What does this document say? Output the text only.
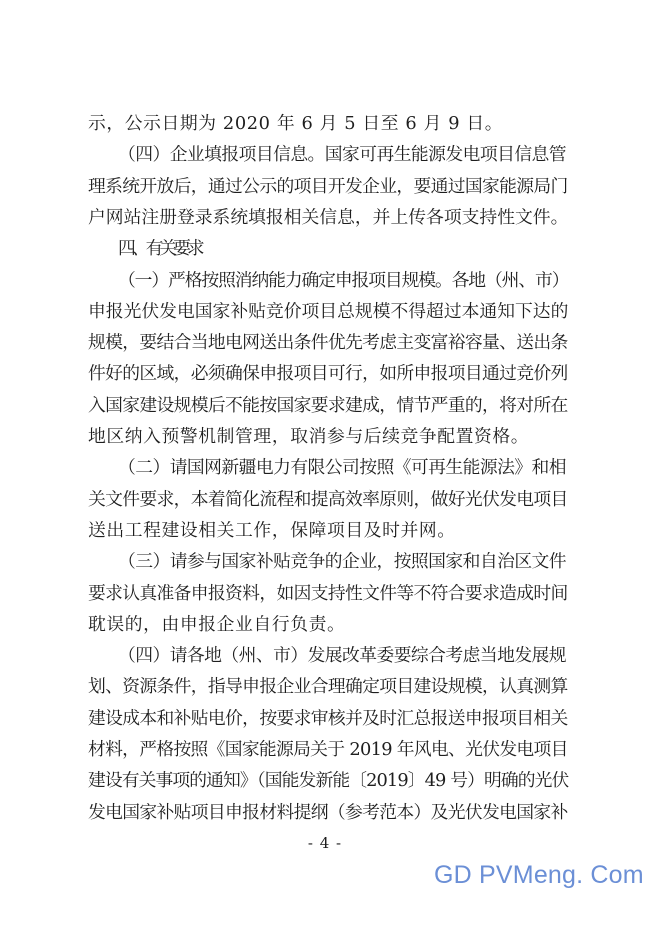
示，公示日期为 2020 年 6 月 5 日至 6 月 9 日。
（四）企业填报项目信息。国家可再生能源发电项目信息管
理系统开放后，通过公示的项目开发企业，要通过国家能源局门
户网站注册登录系统填报相关信息，并上传各项支持性文件。
四、有关要求
（一）严格按照消纳能力确定申报项目规模。各地（州、市）
申报光伏发电国家补贴竞价项目总规模不得超过本通知下达的
规模，要结合当地电网送出条件优先考虑主变富裕容量、送出条
件好的区域，必须确保申报项目可行，如所申报项目通过竞价列
入国家建设规模后不能按国家要求建成，情节严重的，将对所在
地区纳入预警机制管理，取消参与后续竞争配置资格。
（二）请国网新疆电力有限公司按照《可再生能源法》和相
关文件要求，本着简化流程和提高效率原则，做好光伏发电项目
送出工程建设相关工作，保障项目及时并网。
（三）请参与国家补贴竞争的企业，按照国家和自治区文件
要求认真准备申报资料，如因支持性文件等不符合要求造成时间
耽误的，由申报企业自行负责。
（四）请各地（州、市）发展改革委要综合考虑当地发展规
划、资源条件，指导申报企业合理确定项目建设规模，认真测算
建设成本和补贴电价，按要求审核并及时汇总报送申报项目相关
材料，严格按照《国家能源局关于 2019 年风电、光伏发电项目
建设有关事项的通知》（国能发新能〔2019〕49 号）明确的光伏
发电国家补贴项目申报材料提纲（参考范本）及光伏发电国家补
- 4 -
GD PVMeng. Com
